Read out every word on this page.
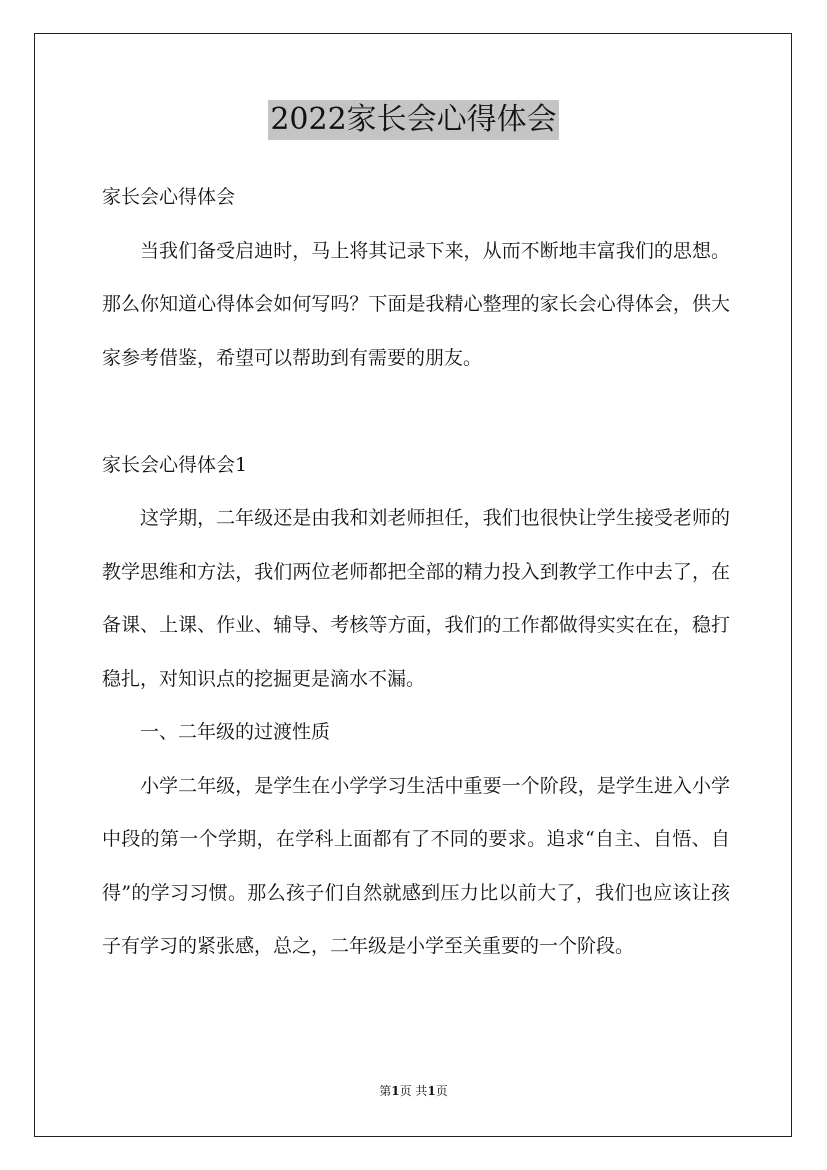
2022家长会心得体会

家长会心得体会

当我们备受启迪时，马上将其记录下来，从而不断地丰富我们的思想。那么你知道心得体会如何写吗？下面是我精心整理的家长会心得体会，供大家参考借鉴，希望可以帮助到有需要的朋友。

家长会心得体会1

这学期，二年级还是由我和刘老师担任，我们也很快让学生接受老师的教学思维和方法，我们两位老师都把全部的精力投入到教学工作中去了，在备课、上课、作业、辅导、考核等方面，我们的工作都做得实实在在，稳打稳扎，对知识点的挖掘更是滴水不漏。

一、二年级的过渡性质

小学二年级，是学生在小学学习生活中重要一个阶段，是学生进入小学中段的第一个学期，在学科上面都有了不同的要求。追求“自主、自悟、自得”的学习习惯。那么孩子们自然就感到压力比以前大了，我们也应该让孩子有学习的紧张感，总之，二年级是小学至关重要的一个阶段。

第1页 共1页
